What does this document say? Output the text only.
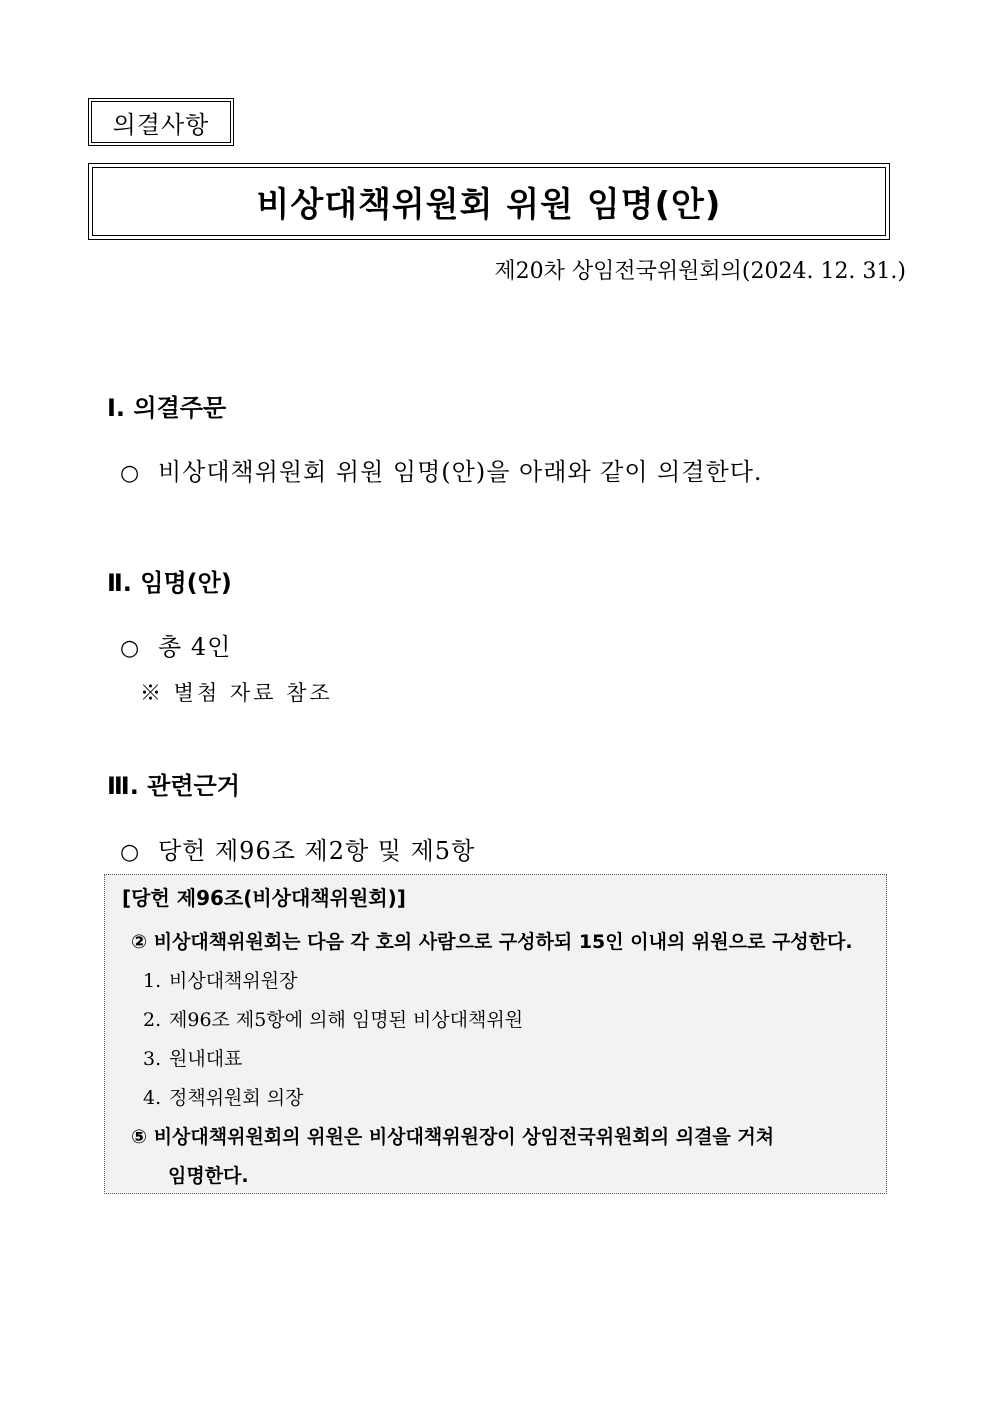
의결사항
비상대책위원회 위원 임명(안)
제20차 상임전국위원회의(2024. 12. 31.)
Ⅰ. 의결주문
○ 비상대책위원회 위원 임명(안)을 아래와 같이 의결한다.
Ⅱ. 임명(안)
○ 총 4인
※ 별첨 자료 참조
Ⅲ. 관련근거
○ 당헌 제96조 제2항 및 제5항
[당헌 제96조(비상대책위원회)]
② 비상대책위원회는 다음 각 호의 사람으로 구성하되 15인 이내의 위원으로 구성한다.
1. 비상대책위원장
2. 제96조 제5항에 의해 임명된 비상대책위원
3. 원내대표
4. 정책위원회 의장
⑤ 비상대책위원회의 위원은 비상대책위원장이 상임전국위원회의 의결을 거쳐
임명한다.
